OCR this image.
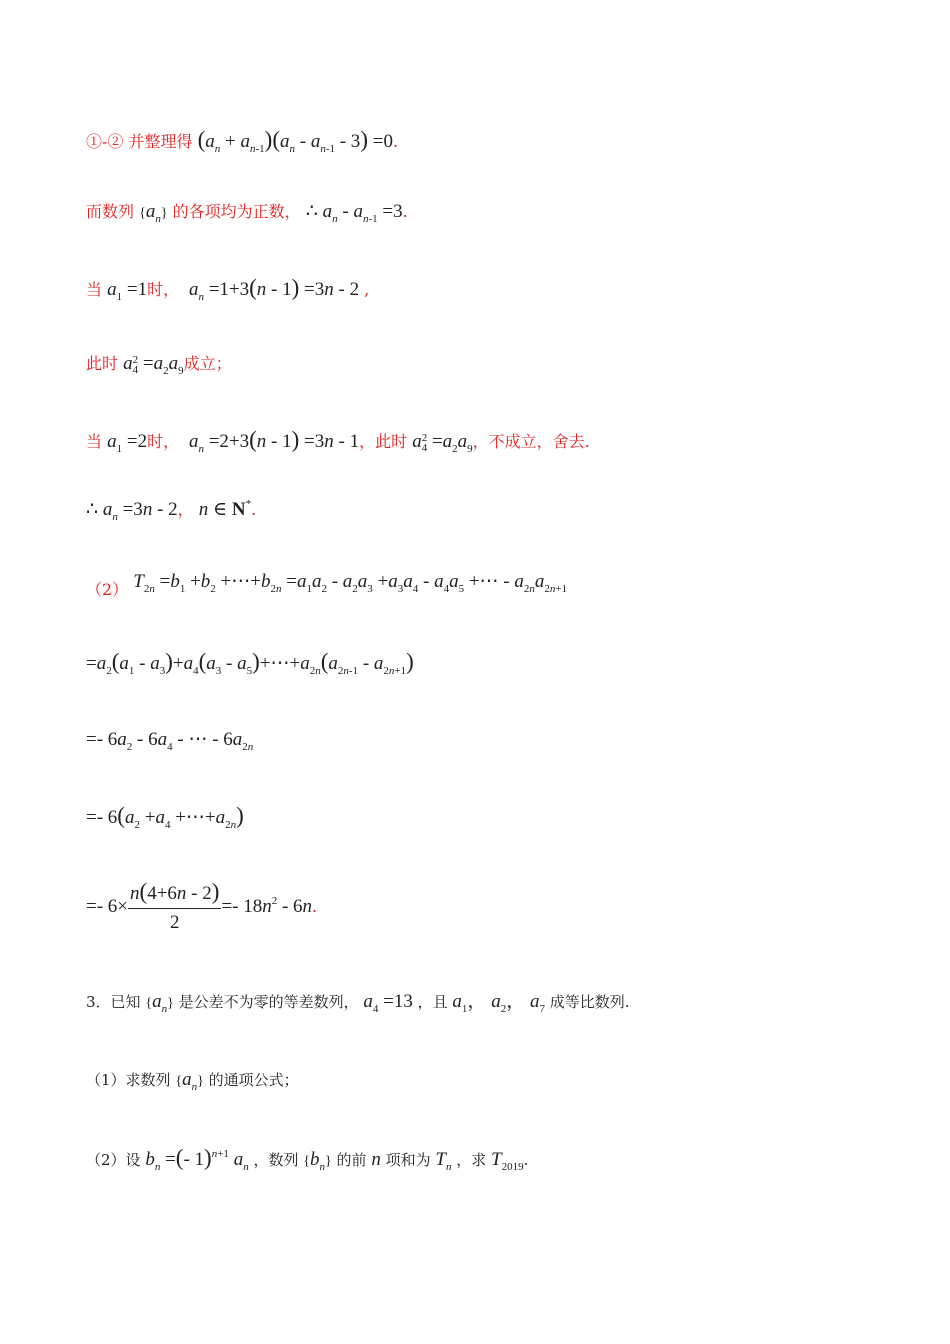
①-② 并整理得 $(a_n + a_{n-1})(a_n - a_{n-1} - 3) =0$.
而数列 $\{a_n\}$ 的各项均为正数， ∴ $a_n - a_{n-1} =3$.
当 $a_1 =1$时， $a_n =1+3(n - 1) =3n - 2$ ,
此时 a 2
$4 =a_2a_9$成立；
当 $a_1 =2$时， $a_n =2+3(n - 1) =3n - 1$，此时 a 2
$4 =a_2a_9$，不成立，舍去.
∴ $a_n =3n - 2$， n ∈ N*.
（2） $T_{2n} =b_1 +b_2$ $+\cdots+b_{2n} =a_1a_2 - a_2a_3 +a_3a_4 - a_4a_5$ +⋯ - $a_{2n}a_{2n+1}$
$=a_2(a_1 - a_3)+a_4(a_3$ - $a_5)+\cdots+a_{2n}(a_{2n-1} - a_{2n+1})$
=- $6a_2 - 6a_4$ - ⋯ - $6a_{2n}$
=- $6(a_2 +a_4$ $+\cdots+a_{2n}$)
=- $6\times \frac{n(4+6n - 2)}{2} =- 18n^2 - 6n$.
3．已知 $\{a_n\}$ 是公差不为零的等差数列， $a_4 =13$ ，且 $a_1$， $a_2$， $a_7$ 成等比数列.
（1）求数列 $\{a_n\}$ 的通项公式；
（2）设 $b_n$ =(- 1)$^{n+1}$ $a_n$ ，数列 $\{b_n\}$ 的前 n 项和为 $T_n$ ，求 $T_{2019}$.
